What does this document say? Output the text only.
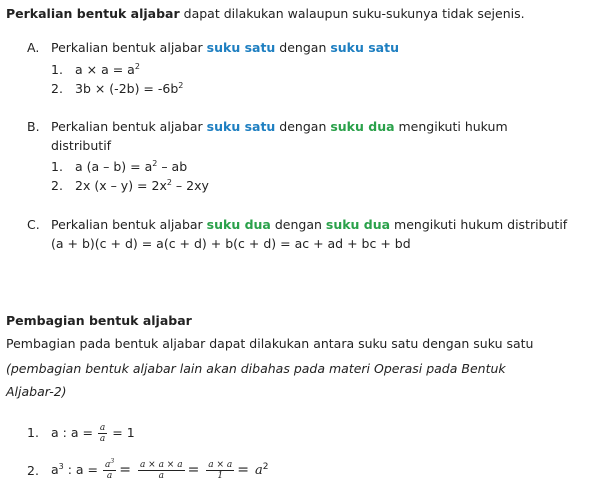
Perkalian bentuk aljabar dapat dilakukan walaupun suku-sukunya tidak sejenis.
A. Perkalian bentuk aljabar suku satu dengan suku satu
1. $a \times a = a^2$
2. $3b \times (-2b) = -6b^2$
B. Perkalian bentuk aljabar suku satu dengan suku dua mengikuti hukum
distributif
1. a $(a - b) = a^2$ – ab
2. 2x $(x - y) = 2x^2 - 2xy$
C. Perkalian bentuk aljabar suku dua dengan suku dua mengikuti hukum distributif
(a + b)(c + d) = a(c + d) + b(c + d) = ac + ad + bc + bd
Pembagian bentuk aljabar
Pembagian pada bentuk aljabar dapat dilakukan antara suku satu dengan suku satu
(pembagian bentuk aljabar lain akan dibahas pada materi Operasi pada Bentuk
Aljabar-2)
1. a : $a = \frac{a}{a} = 1$
2. $a^3$ : $a = \frac{a^3}{a} = \frac{a \times a \times a}{a} = \frac{a \times a}{1} = a^2$
